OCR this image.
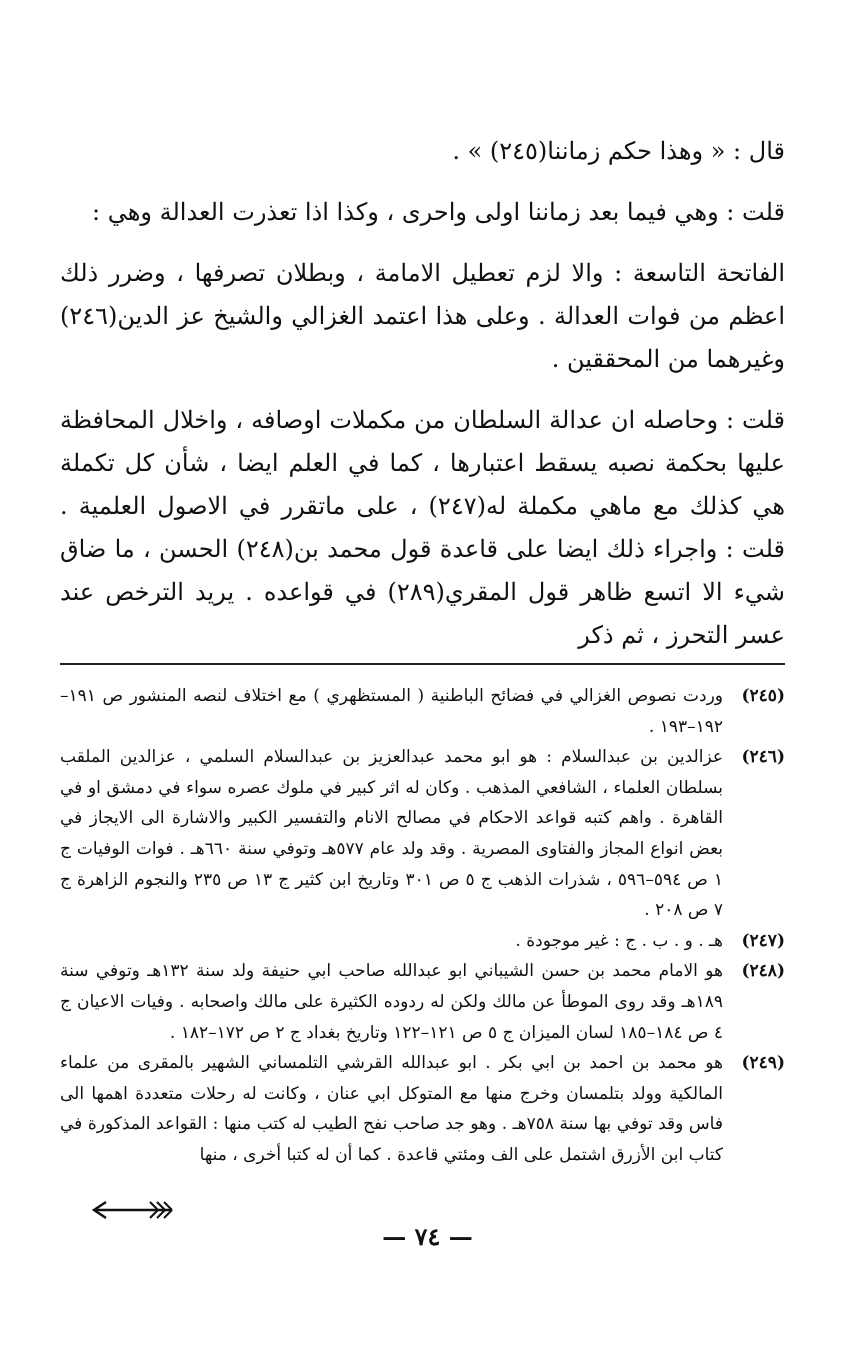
قال : « وهذا حكم زماننا(٢٤٥) » .

قلت : وهي فيما بعد زماننا اولى واحرى ، وكذا اذا تعذرت العدالة وهي :

الفاتحة التاسعة : والا لزم تعطيل الامامة ، وبطلان تصرفها ، وضرر ذلك اعظم من فوات العدالة . وعلى هذا اعتمد الغزالي والشيخ عز الدين(٢٤٦) وغيرهما من المحققين .

قلت : وحاصله ان عدالة السلطان من مكملات اوصافه ، واخلال المحافظة عليها بحكمة نصبه يسقط اعتبارها ، كما في العلم ايضا ، شأن كل تكملة هي كذلك مع ماهي مكملة له(٢٤٧) ، على ماتقرر في الاصول العلمية . قلت : واجراء ذلك ايضا على قاعدة قول محمد بن(٢٤٨) الحسن ، ما ضاق شيء الا اتسع ظاهر قول المقري(٢٨٩) في قواعده . يريد الترخص عند عسر التحرز ، ثم ذكر

(٢٤٥)
وردت نصوص الغزالي في فضائح الباطنية ( المستظهري ) مع اختلاف لنصه المنشور ص ١٩١–١٩٢–١٩٣ .
(٢٤٦)
عزالدين بن عبدالسلام : هو ابو محمد عبدالعزيز بن عبدالسلام السلمي ، عزالدين الملقب بسلطان العلماء ، الشافعي المذهب . وكان له اثر كبير في ملوك عصره سواء في دمشق او في القاهرة . واهم كتبه قواعد الاحكام في مصالح الانام والتفسير الكبير والاشارة الى الايجاز في بعض انواع المجاز والفتاوى المصرية . وقد ولد عام ٥٧٧هـ وتوفي سنة ٦٦٠هـ . فوات الوفيات ج ١ ص ٥٩٤–٥٩٦ ، شذرات الذهب ج ٥ ص ٣٠١ وتاريخ ابن كثير ج ١٣ ص ٢٣٥ والنجوم الزاهرة ج ٧ ص ٢٠٨ .
(٢٤٧)
هـ . و . ب . ج : غير موجودة .
(٢٤٨)
هو الامام محمد بن حسن الشيباني ابو عبدالله صاحب ابي حنيفة ولد سنة ١٣٢هـ وتوفي سنة ١٨٩هـ وقد روى الموطأ عن مالك ولكن له ردوده الكثيرة على مالك واصحابه . وفيات الاعيان ج ٤ ص ١٨٤–١٨٥ لسان الميزان ج ٥ ص ١٢١–١٢٢ وتاريخ بغداد ج ٢ ص ١٧٢–١٨٢ .
(٢٤٩)
هو محمد بن احمد بن ابي بكر . ابو عبدالله القرشي التلمساني الشهير بالمقرى من علماء المالكية وولد بتلمسان وخرج منها مع المتوكل ابي عنان ، وكانت له رحلات متعددة اهمها الى فاس وقد توفي بها سنة ٧٥٨هـ . وهو جد صاحب نفح الطيب له كتب منها : القواعد المذكورة في كتاب ابن الأزرق اشتمل على الف ومئتي قاعدة . كما أن له كتبا أخرى ، منها
— ٧٤ —
